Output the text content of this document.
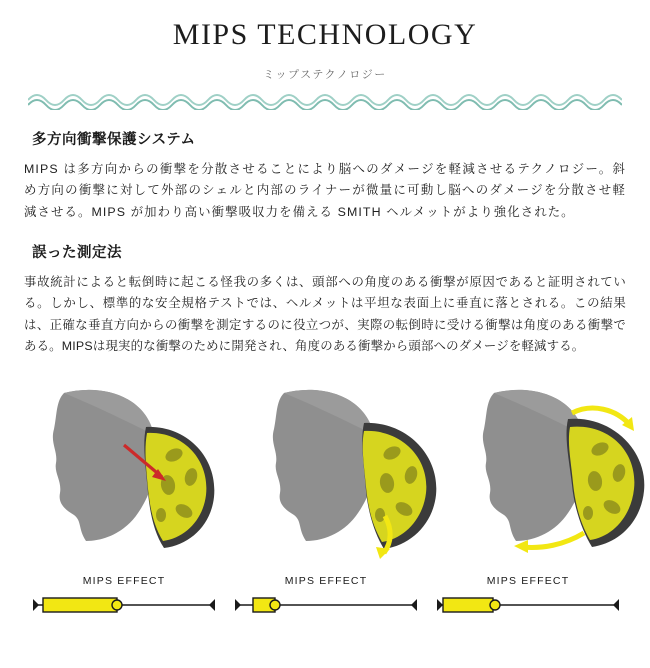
MIPS TECHNOLOGY
ミップステクノロジー
多方向衝撃保護システム

MIPS は多方向からの衝撃を分散させることにより脳へのダメージを軽減させるテクノロジー。斜め方向の衝撃に対して外部のシェルと内部のライナーが微量に可動し脳へのダメージを分散させ軽減させる。MIPS が加わり高い衝撃吸収力を備える SMITH ヘルメットがより強化された。

誤った測定法

事故統計によると転倒時に起こる怪我の多くは、頭部への角度のある衝撃が原因であると証明されている。しかし、標準的な安全規格テストでは、ヘルメットは平坦な表面上に垂直に落とされる。この結果は、正確な垂直方向からの衝撃を測定するのに役立つが、実際の転倒時に受ける衝撃は角度のある衝撃である。MIPSは現実的な衝撃のために開発され、角度のある衝撃から頭部へのダメージを軽減する。

MIPS EFFECT	MIPS EFFECT	MIPS EFFECT
